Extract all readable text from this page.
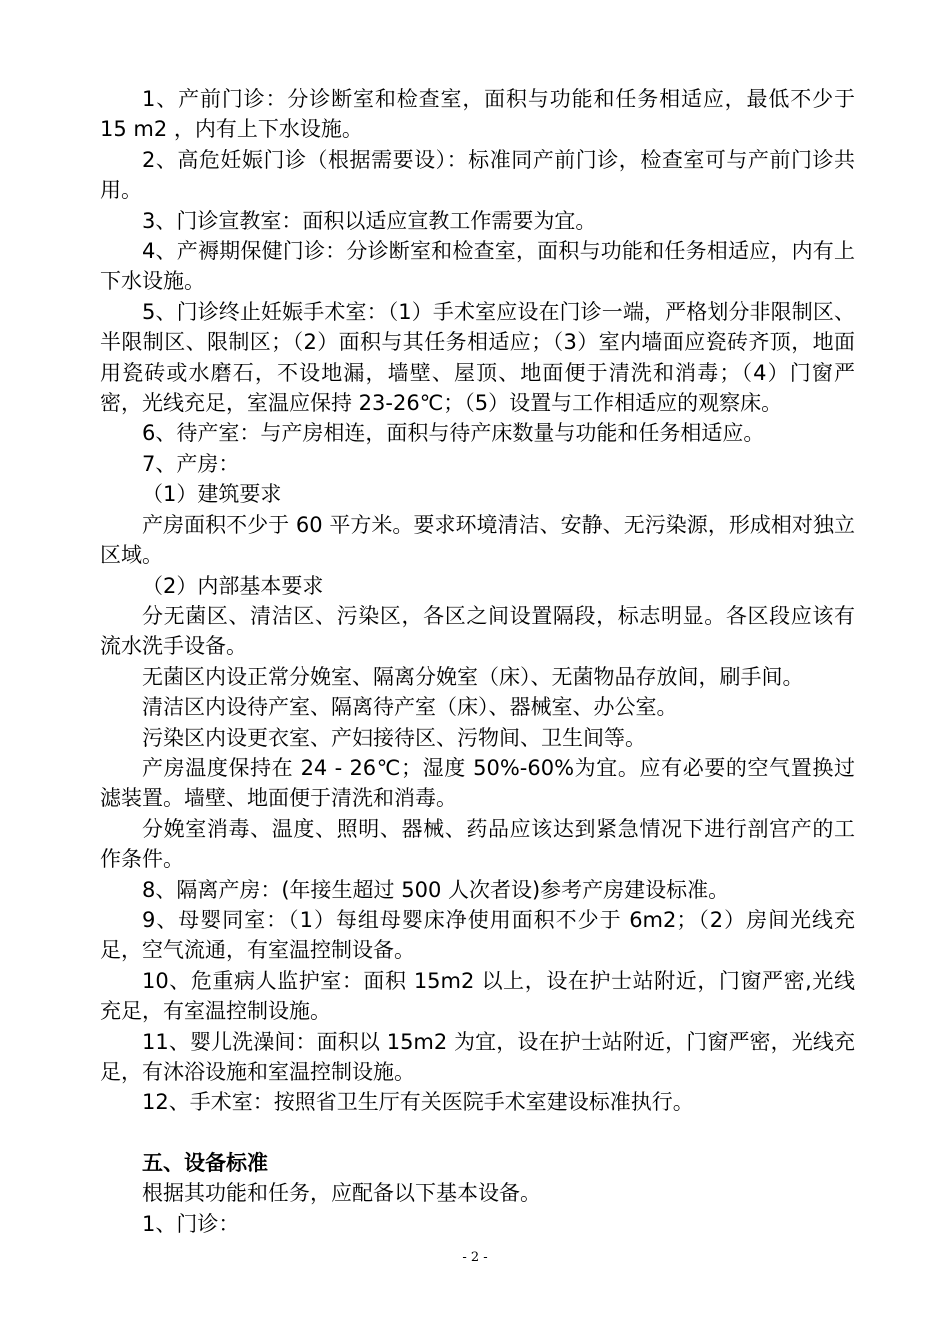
1、产前门诊：分诊断室和检查室，面积与功能和任务相适应，最低不少于 15 m2 ，内有上下水设施。

2、高危妊娠门诊（根据需要设）：标准同产前门诊，检查室可与产前门诊共用。

3、门诊宣教室：面积以适应宣教工作需要为宜。

4、产褥期保健门诊：分诊断室和检查室，面积与功能和任务相适应，内有上下水设施。

5、门诊终止妊娠手术室：（1）手术室应设在门诊一端，严格划分非限制区、半限制区、限制区；（2）面积与其任务相适应；（3）室内墙面应瓷砖齐顶，地面用瓷砖或水磨石，不设地漏，墙壁、屋顶、地面便于清洗和消毒；（4）门窗严密，光线充足，室温应保持 23-26℃；（5）设置与工作相适应的观察床。

6、待产室：与产房相连，面积与待产床数量与功能和任务相适应。

7、产房：

（1）建筑要求

产房面积不少于 60 平方米。要求环境清洁、安静、无污染源，形成相对独立区域。

（2）内部基本要求

分无菌区、清洁区、污染区，各区之间设置隔段，标志明显。各区段应该有流水洗手设备。

无菌区内设正常分娩室、隔离分娩室（床）、无菌物品存放间，刷手间。

清洁区内设待产室、隔离待产室（床）、器械室、办公室。

污染区内设更衣室、产妇接待区、污物间、卫生间等。

产房温度保持在 24 - 26℃；湿度 50%-60%为宜。应有必要的空气置换过滤装置。墙壁、地面便于清洗和消毒。

分娩室消毒、温度、照明、器械、药品应该达到紧急情况下进行剖宫产的工作条件。

8、隔离产房：(年接生超过 500 人次者设)参考产房建设标准。

9、母婴同室：（1）每组母婴床净使用面积不少于 6m2；（2）房间光线充足，空气流通，有室温控制设备。

10、危重病人监护室：面积 15m2 以上，设在护士站附近，门窗严密,光线充足，有室温控制设施。

11、婴儿洗澡间：面积以 15m2 为宜，设在护士站附近，门窗严密，光线充足，有沐浴设施和室温控制设施。

12、手术室：按照省卫生厅有关医院手术室建设标准执行。

五、设备标准

根据其功能和任务，应配备以下基本设备。

1、门诊：

- 2 -
